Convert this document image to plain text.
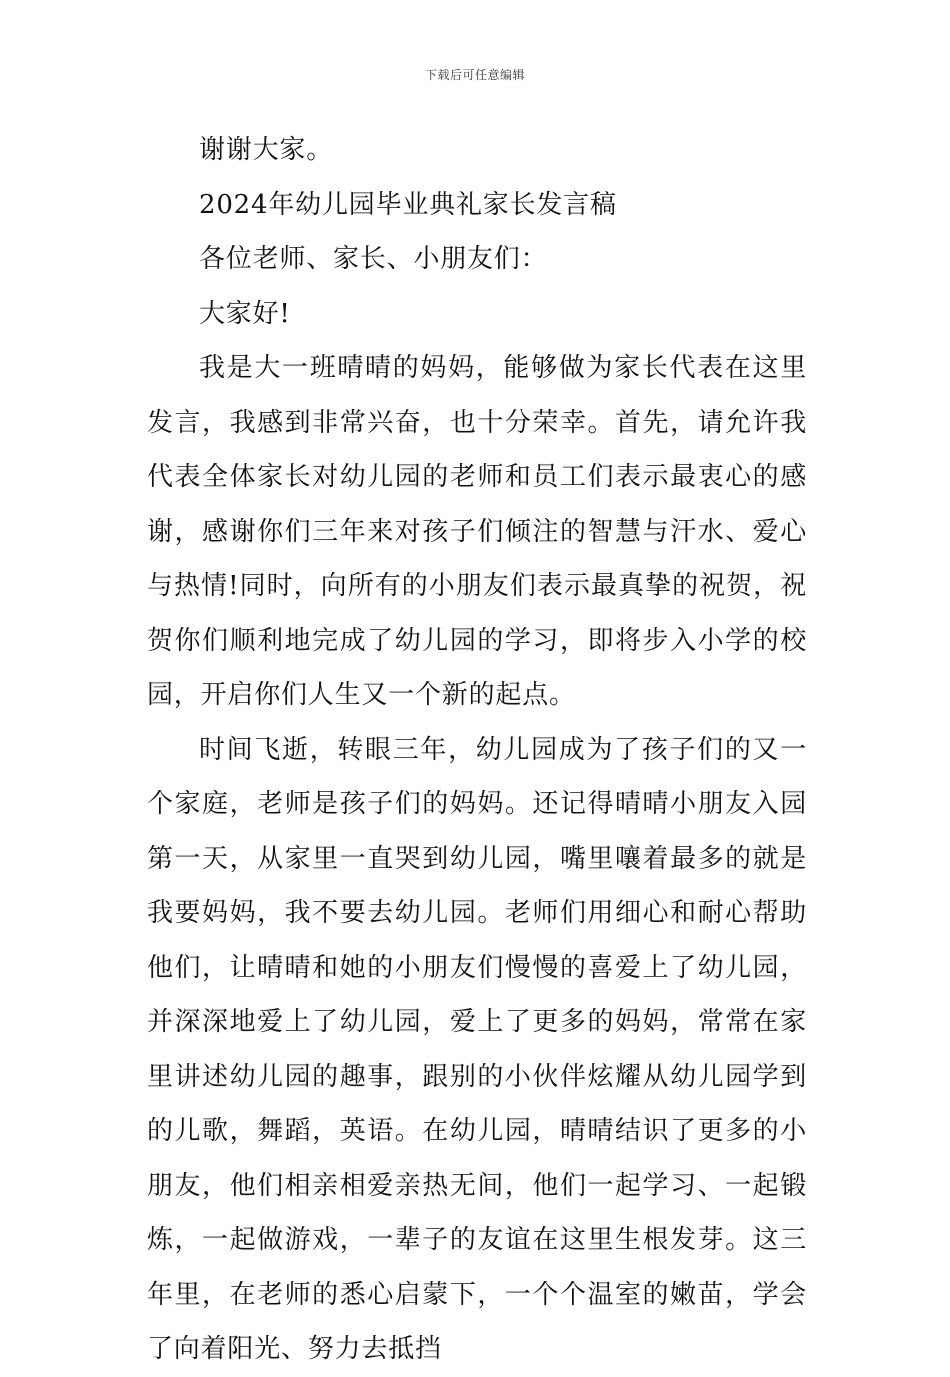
下载后可任意编辑

谢谢大家。

2024年幼儿园毕业典礼家长发言稿

各位老师、家长、小朋友们：

大家好!

我是大一班晴晴的妈妈，能够做为家长代表在这里发言，我感到非常兴奋，也十分荣幸。首先，请允许我代表全体家长对幼儿园的老师和员工们表示最衷心的感谢，感谢你们三年来对孩子们倾注的智慧与汗水、爱心与热情!同时，向所有的小朋友们表示最真挚的祝贺，祝贺你们顺利地完成了幼儿园的学习，即将步入小学的校园，开启你们人生又一个新的起点。

时间飞逝，转眼三年，幼儿园成为了孩子们的又一个家庭，老师是孩子们的妈妈。还记得晴晴小朋友入园第一天，从家里一直哭到幼儿园，嘴里嚷着最多的就是我要妈妈，我不要去幼儿园。老师们用细心和耐心帮助他们，让晴晴和她的小朋友们慢慢的喜爱上了幼儿园，并深深地爱上了幼儿园，爱上了更多的妈妈，常常在家里讲述幼儿园的趣事，跟别的小伙伴炫耀从幼儿园学到的儿歌，舞蹈，英语。在幼儿园，晴晴结识了更多的小朋友，他们相亲相爱亲热无间，他们一起学习、一起锻炼，一起做游戏，一辈子的友谊在这里生根发芽。这三年里，在老师的悉心启蒙下，一个个温室的嫩苗，学会了向着阳光、努力去抵挡
